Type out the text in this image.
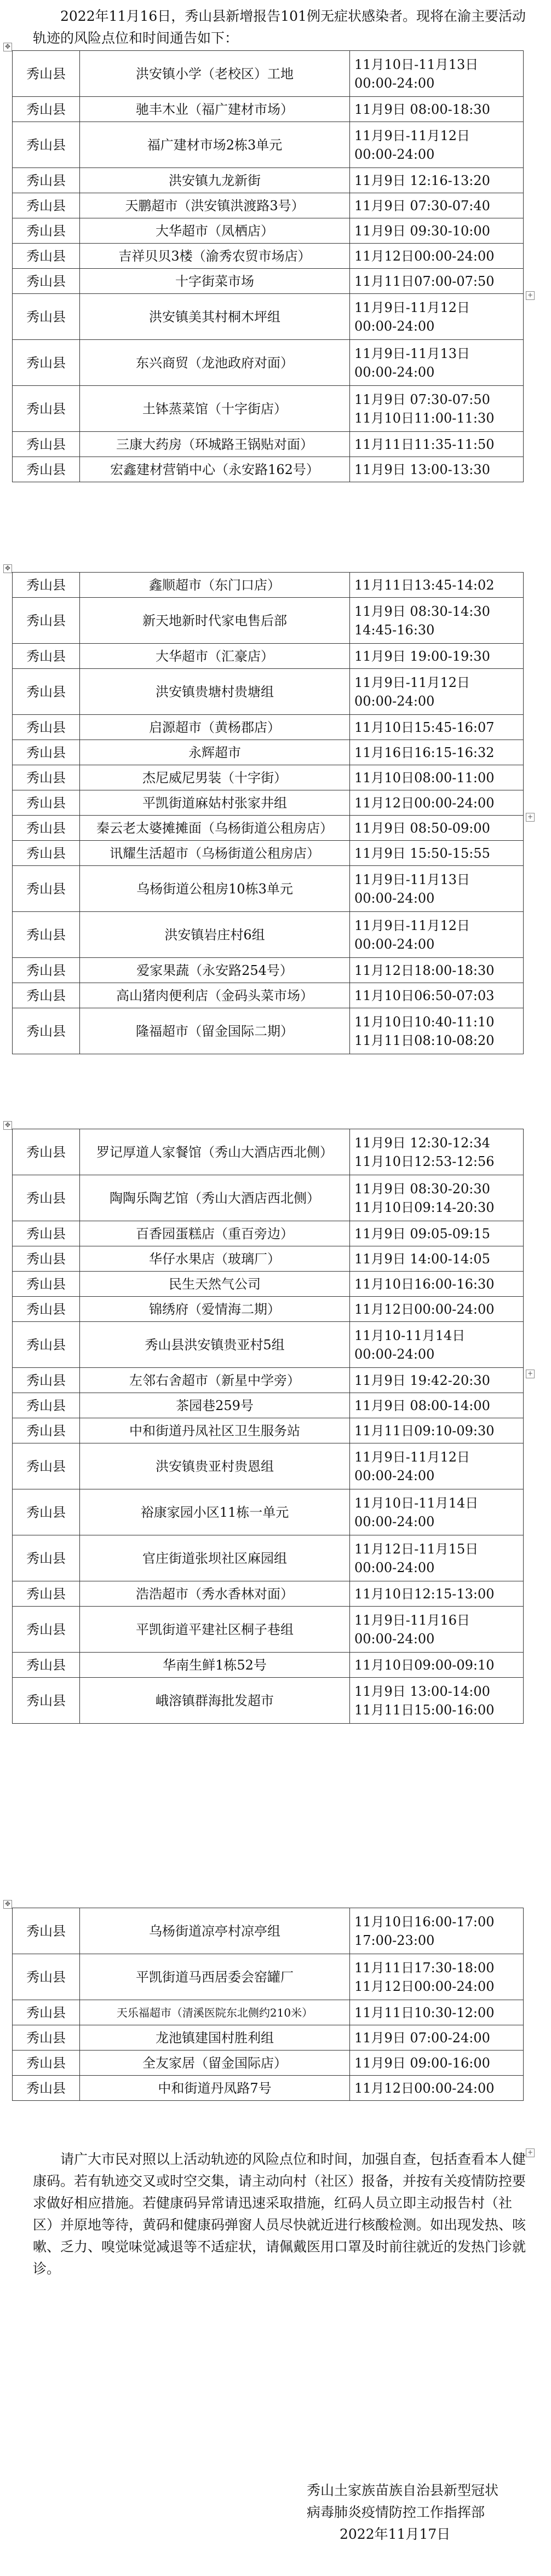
2022年11月16日，秀山县新增报告101例无症状感染者。现将在渝主要活动轨迹的风险点位和时间通告如下：
秀山县	洪安镇小学（老校区）工地	11月10日-11月13日
00:00-24:00

秀山县	驰丰木业（福广建材市场）	11月9日 08:00-18:30

秀山县	福广建材市场2栋3单元	11月9日-11月12日
00:00-24:00

秀山县	洪安镇九龙新街	11月9日 12:16-13:20

秀山县	天鹏超市（洪安镇洪渡路3号）	11月9日 07:30-07:40

秀山县	大华超市（凤栖店）	11月9日 09:30-10:00

秀山县	吉祥贝贝3楼（渝秀农贸市场店）	11月12日00:00-24:00

秀山县	十字街菜市场	11月11日07:00-07:50

秀山县	洪安镇美其村桐木坪组	11月9日-11月12日
00:00-24:00

秀山县	东兴商贸（龙池政府对面）	11月9日-11月13日
00:00-24:00

秀山县	土钵蒸菜馆（十字街店）	11月9日 07:30-07:50
11月10日11:00-11:30

秀山县	三康大药房（环城路王锅贴对面）	11月11日11:35-11:50

秀山县	宏鑫建材营销中心（永安路162号）	11月9日 13:00-13:30
✥
+
秀山县	鑫顺超市（东门口店）	11月11日13:45-14:02

秀山县	新天地新时代家电售后部	11月9日 08:30-14:30
14:45-16:30

秀山县	大华超市（汇豪店）	11月9日 19:00-19:30

秀山县	洪安镇贵塘村贵塘组	11月9日-11月12日
00:00-24:00

秀山县	启源超市（黄杨郡店）	11月10日15:45-16:07

秀山县	永辉超市	11月16日16:15-16:32

秀山县	杰尼威尼男装（十字街）	11月10日08:00-11:00

秀山县	平凯街道麻姑村张家井组	11月12日00:00-24:00

秀山县	秦云老太婆摊摊面（乌杨街道公租房店）	11月9日 08:50-09:00

秀山县	讯耀生活超市（乌杨街道公租房店）	11月9日 15:50-15:55

秀山县	乌杨街道公租房10栋3单元	11月9日-11月13日
00:00-24:00

秀山县	洪安镇岩庄村6组	11月9日-11月12日
00:00-24:00

秀山县	爱家果蔬（永安路254号）	11月12日18:00-18:30

秀山县	高山猪肉便利店（金码头菜市场）	11月10日06:50-07:03

秀山县	隆福超市（留金国际二期）	11月10日10:40-11:10
11月11日08:10-08:20
✥
+
秀山县	罗记厚道人家餐馆（秀山大酒店西北侧）	11月9日 12:30-12:34
11月10日12:53-12:56

秀山县	陶陶乐陶艺馆（秀山大酒店西北侧）	11月9日 08:30-20:30
11月10日09:14-20:30

秀山县	百香园蛋糕店（重百旁边）	11月9日 09:05-09:15

秀山县	华仔水果店（玻璃厂）	11月9日 14:00-14:05

秀山县	民生天然气公司	11月10日16:00-16:30

秀山县	锦绣府（爱情海二期）	11月12日00:00-24:00

秀山县	秀山县洪安镇贵亚村5组	11月10-11月14日
00:00-24:00

秀山县	左邻右舍超市（新星中学旁）	11月9日 19:42-20:30

秀山县	茶园巷259号	11月9日 08:00-14:00

秀山县	中和街道丹凤社区卫生服务站	11月11日09:10-09:30

秀山县	洪安镇贵亚村贵恩组	11月9日-11月12日
00:00-24:00

秀山县	裕康家园小区11栋一单元	11月10日-11月14日
00:00-24:00

秀山县	官庄街道张坝社区麻园组	11月12日-11月15日
00:00-24:00

秀山县	浩浩超市（秀水香林对面）	11月10日12:15-13:00

秀山县	平凯街道平建社区桐子巷组	11月9日-11月16日
00:00-24:00

秀山县	华南生鲜1栋52号	11月10日09:00-09:10

秀山县	峨溶镇群海批发超市	11月9日 13:00-14:00
11月11日15:00-16:00
✥
+
秀山县	乌杨街道凉亭村凉亭组	11月10日16:00-17:00
17:00-23:00

秀山县	平凯街道马西居委会窑罐厂	11月11日17:30-18:00
11月12日00:00-24:00

秀山县	天乐福超市（清溪医院东北侧约210米）	11月11日10:30-12:00

秀山县	龙池镇建国村胜利组	11月9日 07:00-24:00

秀山县	全友家居（留金国际店）	11月9日 09:00-16:00

秀山县	中和街道丹凤路7号	11月12日00:00-24:00
✥
+
请广大市民对照以上活动轨迹的风险点位和时间，加强自查，包括查看本人健康码。若有轨迹交叉或时空交集，请主动向村（社区）报备，并按有关疫情防控要求做好相应措施。若健康码异常请迅速采取措施，红码人员立即主动报告村（社区）并原地等待，黄码和健康码弹窗人员尽快就近进行核酸检测。如出现发热、咳嗽、乏力、嗅觉味觉减退等不适症状，请佩戴医用口罩及时前往就近的发热门诊就诊。
秀山土家族苗族自治县新型冠状
病毒肺炎疫情防控工作指挥部
2022年11月17日
